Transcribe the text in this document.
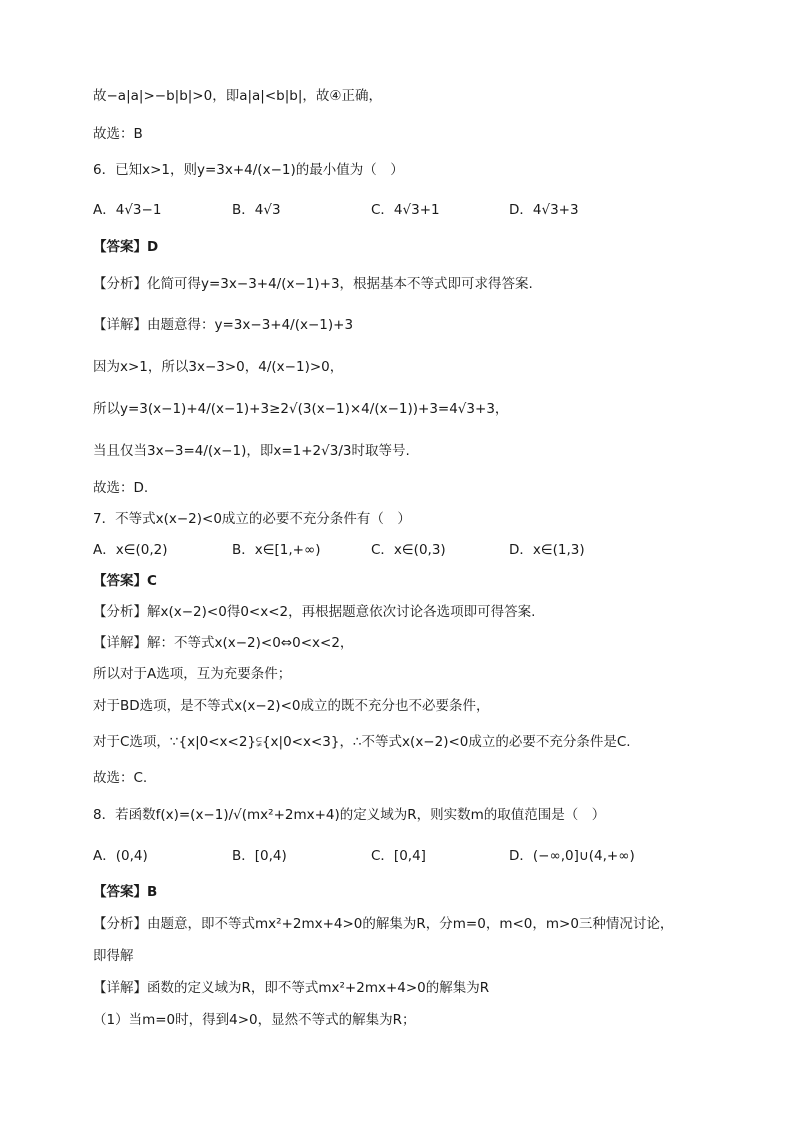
故−a|a|>−b|b|>0，即a|a|<b|b|，故④正确，
故选：B
6．已知x>1，则y=3x+4/(x−1)的最小值为（　）
A．4√3−1	B．4√3	C．4√3+1	D．4√3+3
【答案】D
【分析】化简可得y=3x−3+4/(x−1)+3，根据基本不等式即可求得答案.
【详解】由题意得：y=3x−3+4/(x−1)+3
因为x>1，所以3x−3>0，4/(x−1)>0，
所以y=3(x−1)+4/(x−1)+3≥2√(3(x−1)×4/(x−1))+3=4√3+3，
当且仅当3x−3=4/(x−1)，即x=1+2√3/3时取等号.
故选：D.
7．不等式x(x−2)<0成立的必要不充分条件有（　）
A．x∈(0,2)	B．x∈[1,+∞)	C．x∈(0,3)	D．x∈(1,3)
【答案】C
【分析】解x(x−2)<0得0<x<2，再根据题意依次讨论各选项即可得答案.
【详解】解：不等式x(x−2)<0⇔0<x<2，
所以对于A选项，互为充要条件；
对于BD选项，是不等式x(x−2)<0成立的既不充分也不必要条件，
对于C选项，∵{x|0<x<2}⫋{x|0<x<3}，∴不等式x(x−2)<0成立的必要不充分条件是C.
故选：C.
8．若函数f(x)=(x−1)/√(mx²+2mx+4)的定义域为R，则实数m的取值范围是（　）
A．(0,4)	B．[0,4)	C．[0,4]	D．(−∞,0]∪(4,+∞)
【答案】B
【分析】由题意，即不等式mx²+2mx+4>0的解集为R，分m=0，m<0，m>0三种情况讨论，
即得解
【详解】函数的定义域为R，即不等式mx²+2mx+4>0的解集为R
（1）当m=0时，得到4>0，显然不等式的解集为R；
